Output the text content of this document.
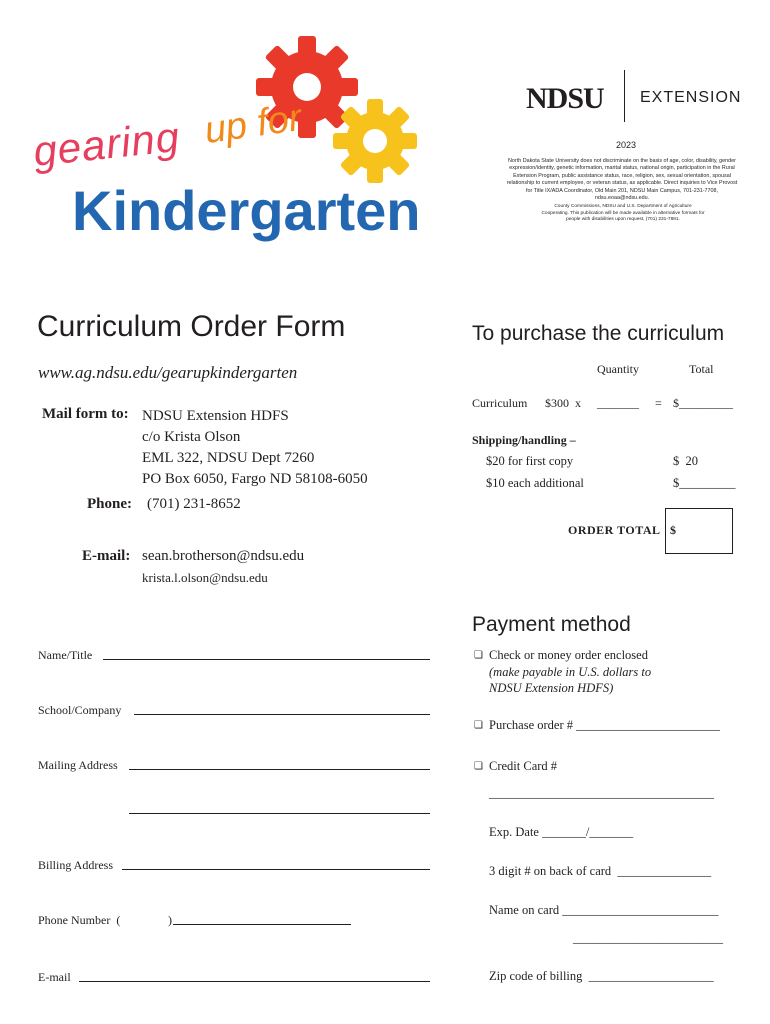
gearing up for
Kindergarten
NDSU EXTENSION
2023
North Dakota State University does not discriminate on the basis of age, color, disability, gender expression/identity, genetic information, marital status, national origin, participation in the Rural Extension Program, public assistance status, race, religion, sex, sexual orientation, spousal relationship to current employee, or veteran status, as applicable. Direct inquiries to Vice Provost for Title IX/ADA Coordinator, Old Main 201, NDSU Main Campus, 701-231-7708, ndsu.eoaa@ndsu.edu.
County Commissions, NDSU and U.S. Department of Agriculture Cooperating. This publication will be made available in alternative formats for people with disabilities upon request, (701) 231-7881.
Curriculum Order Form
www.ag.ndsu.edu/gearupkindergarten
Mail form to: NDSU Extension HDFS
c/o Krista Olson
EML 322, NDSU Dept 7260
PO Box 6050, Fargo ND 58108-6050
Phone: (701) 231-8652
E-mail: sean.brotherson@ndsu.edu
krista.l.olson@ndsu.edu
Name/Title
School/Company
Mailing Address
Billing Address
Phone Number  (	)
E-mail
To purchase the curriculum
Quantity	Total
Curriculum $300  x _______ = $_________
Shipping/handling –
$20 for first copy	$  20
$10 each additional	$_________
ORDER TOTAL $
Payment method
❏ Check or money order enclosed
(make payable in U.S. dollars to
NDSU Extension HDFS)
❏ Purchase order # _______________________
❏ Credit Card #
____________________________________
Exp. Date _______/_______
3 digit # on back of card  _______________
Name on card _________________________
________________________
Zip code of billing  ____________________
